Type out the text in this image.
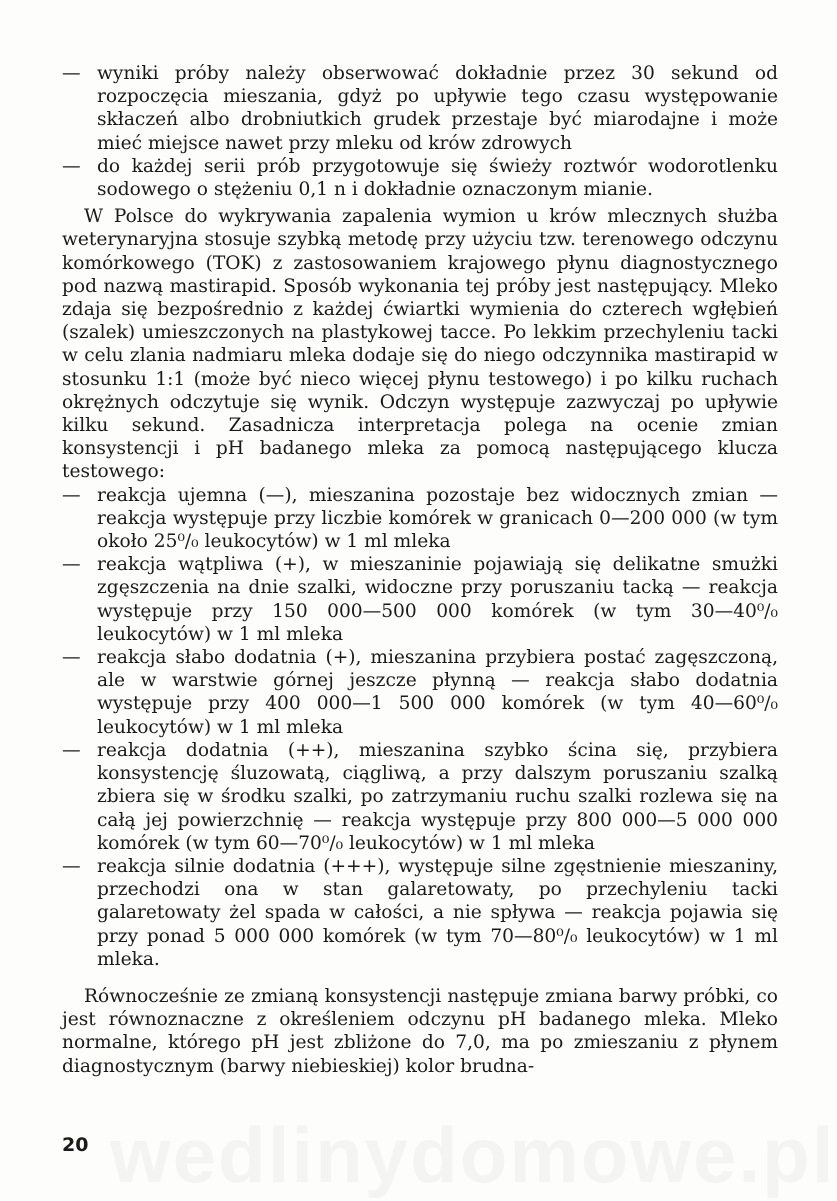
— wyniki próby należy obserwować dokładnie przez 30 sekund od rozpoczęcia mieszania, gdyż po upływie tego czasu występowanie skłaczeń albo drobniutkich grudek przestaje być miarodajne i może mieć miejsce nawet przy mleku od krów zdrowych
— do każdej serii prób przygotowuje się świeży roztwór wodorotlenku sodowego o stężeniu 0,1 n i dokładnie oznaczonym mianie.

W Polsce do wykrywania zapalenia wymion u krów mlecznych służba weterynaryjna stosuje szybką metodę przy użyciu tzw. terenowego odczynu komórkowego (TOK) z zastosowaniem krajowego płynu diagnostycznego pod nazwą mastirapid. Sposób wykonania tej próby jest następujący. Mleko zdaja się bezpośrednio z każdej ćwiartki wymienia do czterech wgłębień (szalek) umieszczonych na plastykowej tacce. Po lekkim przechyleniu tacki w celu zlania nadmiaru mleka dodaje się do niego odczynnika mastirapid w stosunku 1:1 (może być nieco więcej płynu testowego) i po kilku ruchach okrężnych odczytuje się wynik. Odczyn występuje zazwyczaj po upływie kilku sekund. Zasadnicza interpretacja polega na ocenie zmian konsystencji i pH badanego mleka za pomocą następującego klucza testowego:

— reakcja ujemna (—), mieszanina pozostaje bez widocznych zmian — reakcja występuje przy liczbie komórek w granicach 0—200 000 (w tym około 25⁰/₀ leukocytów) w 1 ml mleka
— reakcja wątpliwa (+), w mieszaninie pojawiają się delikatne smużki zgęszczenia na dnie szalki, widoczne przy poruszaniu tacką — reakcja występuje przy 150 000—500 000 komórek (w tym 30—40⁰/₀ leukocytów) w 1 ml mleka
— reakcja słabo dodatnia (+), mieszanina przybiera postać zagęszczoną, ale w warstwie górnej jeszcze płynną — reakcja słabo dodatnia występuje przy 400 000—1 500 000 komórek (w tym 40—60⁰/₀ leukocytów) w 1 ml mleka
— reakcja dodatnia (++), mieszanina szybko ścina się, przybiera konsystencję śluzowatą, ciągliwą, a przy dalszym poruszaniu szalką zbiera się w środku szalki, po zatrzymaniu ruchu szalki rozlewa się na całą jej powierzchnię — reakcja występuje przy 800 000—5 000 000 komórek (w tym 60—70⁰/₀ leukocytów) w 1 ml mleka
— reakcja silnie dodatnia (+++), występuje silne zgęstnienie mieszaniny, przechodzi ona w stan galaretowaty, po przechyleniu tacki galaretowaty żel spada w całości, a nie spływa — reakcja pojawia się przy ponad 5 000 000 komórek (w tym 70—80⁰/₀ leukocytów) w 1 ml mleka.

Równocześnie ze zmianą konsystencji następuje zmiana barwy próbki, co jest równoznaczne z określeniem odczynu pH badanego mleka. Mleko normalne, którego pH jest zbliżone do 7,0, ma po zmieszaniu z płynem diagnostycznym (barwy niebieskiej) kolor brudna-

wedlinydomowe.pl
20
